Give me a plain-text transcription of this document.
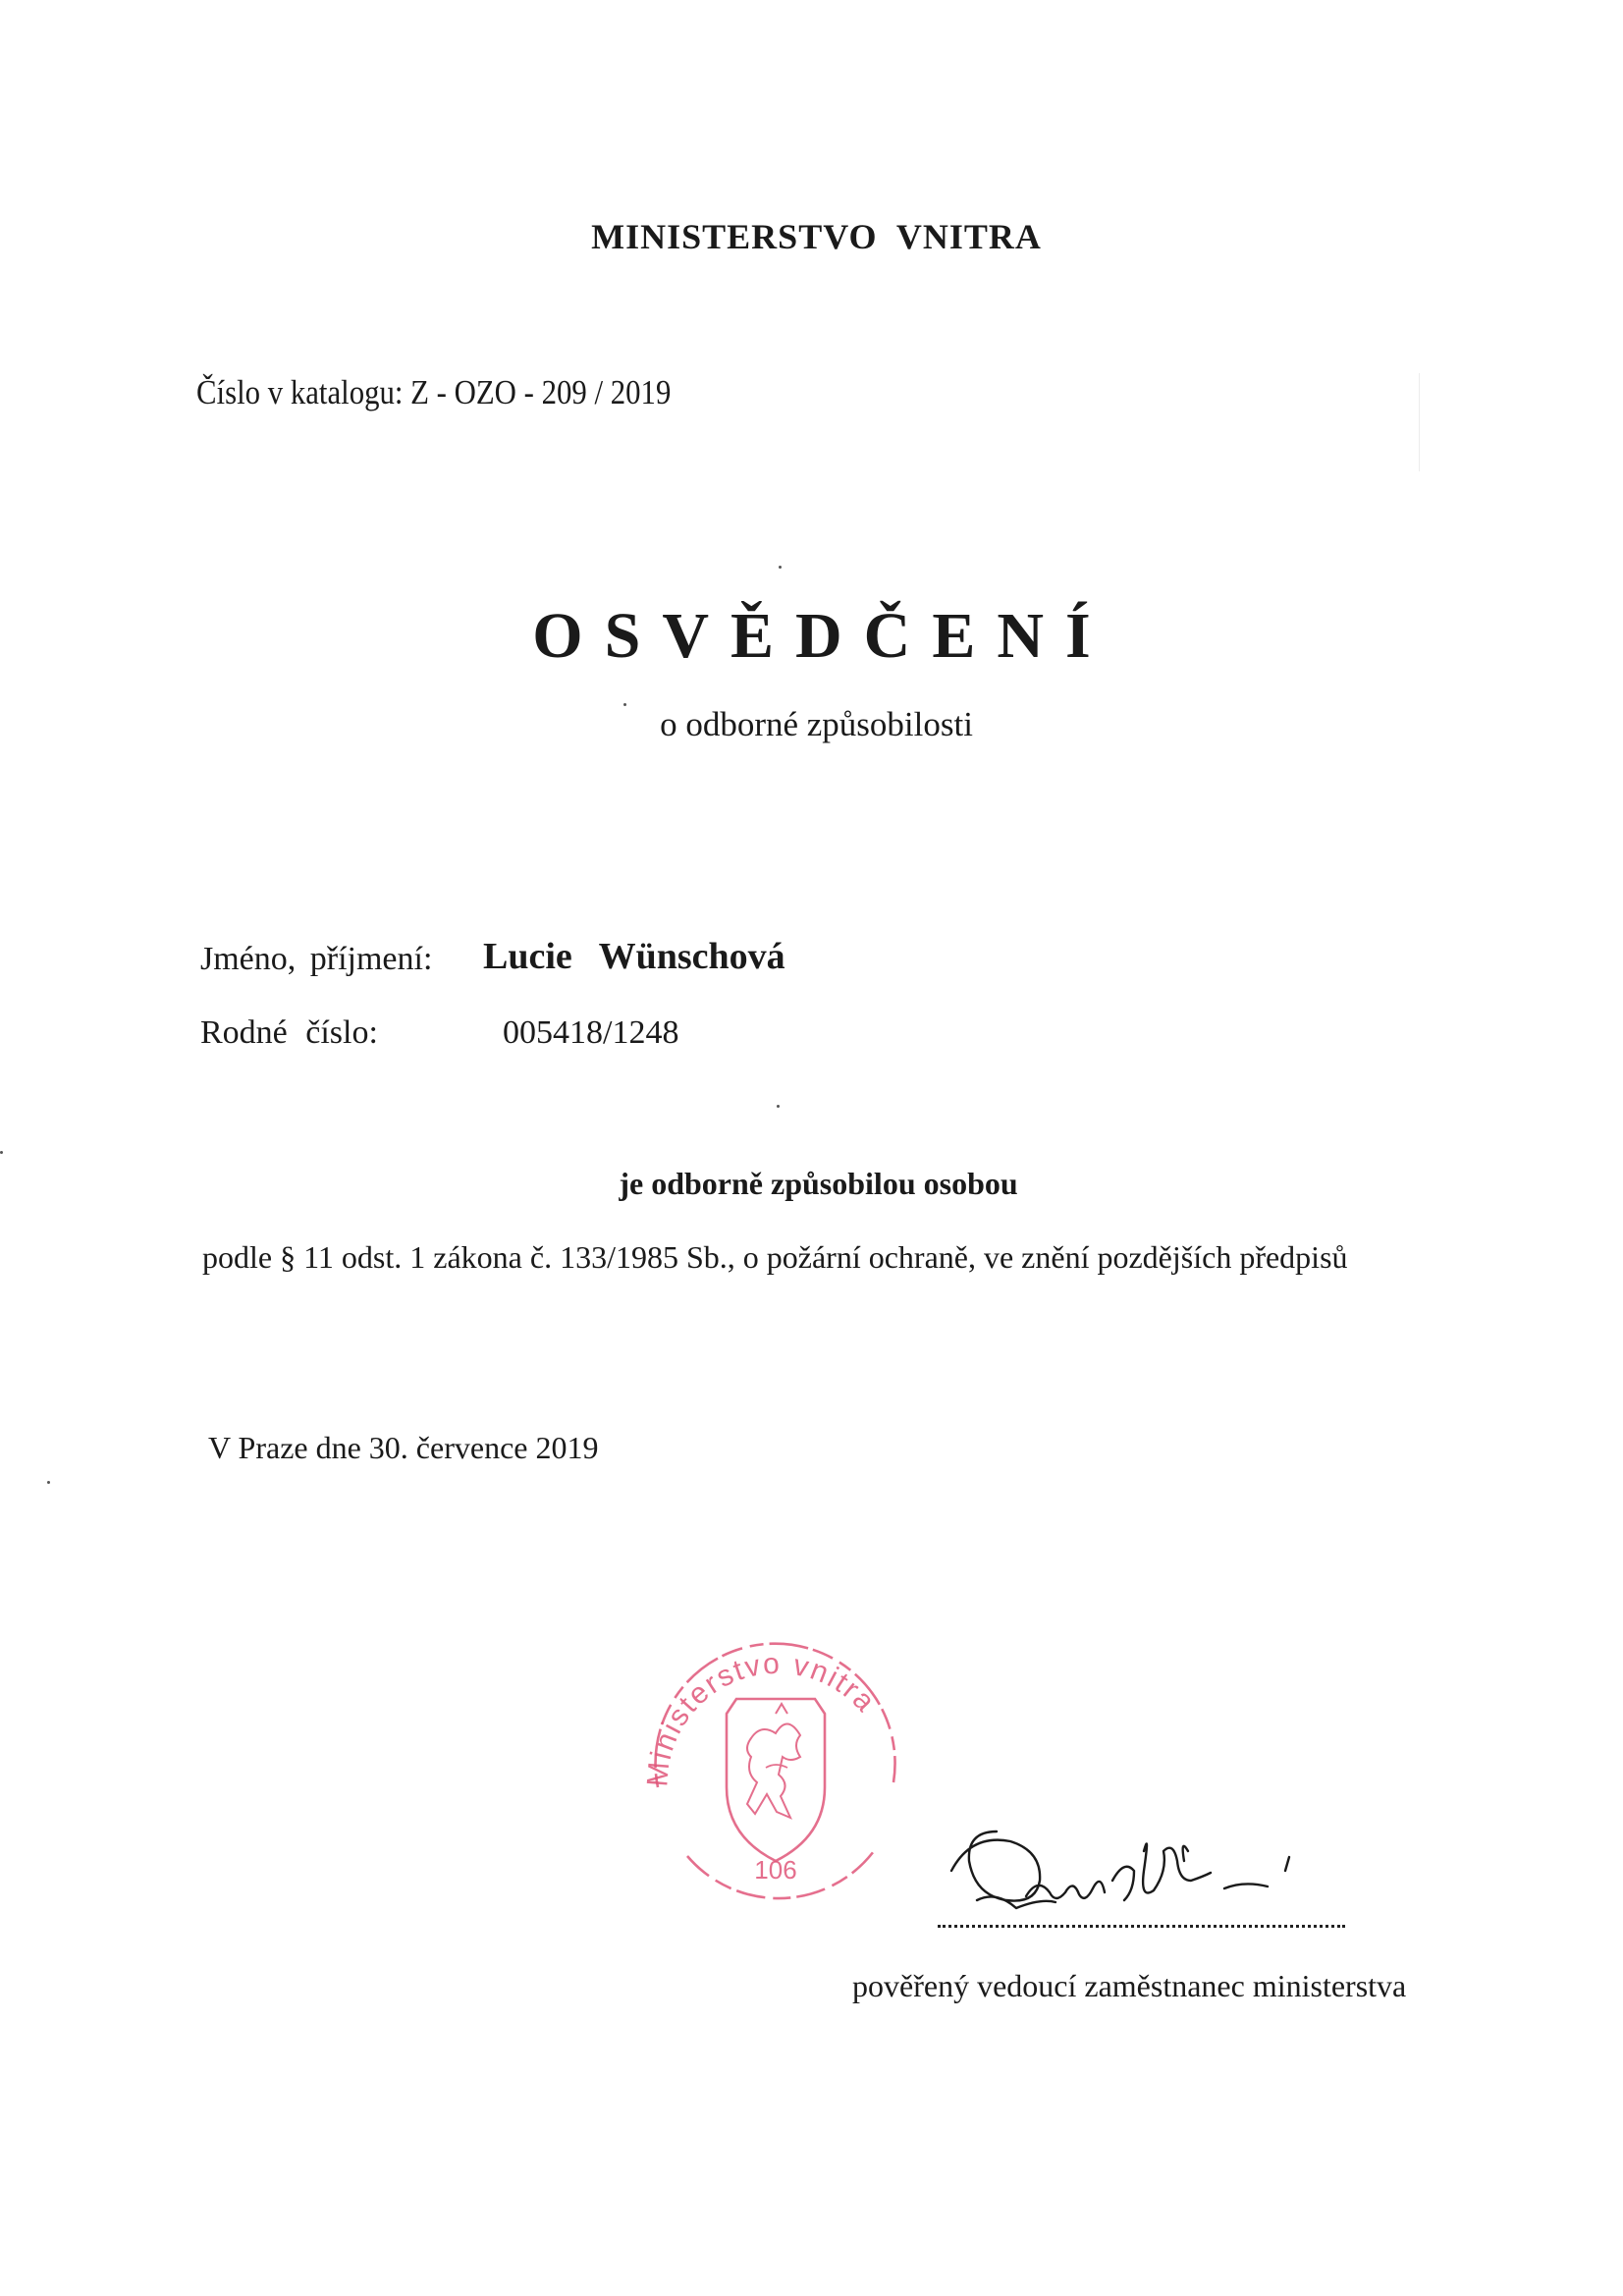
MINISTERSTVO VNITRA
Číslo v katalogu: Z - OZO - 209 / 2019
OSVĚDČENÍ
o odborné způsobilosti
Jméno, příjmení: Lucie Wünschová
Rodné číslo:	005418/1248
je odborně způsobilou osobou
podle § 11 odst. 1 zákona č. 133/1985 Sb., o požární ochraně, ve znění pozdějších předpisů
V Praze dne 30. července 2019
Ministerstvo vnitra
106
pověřený vedoucí zaměstnanec ministerstva
